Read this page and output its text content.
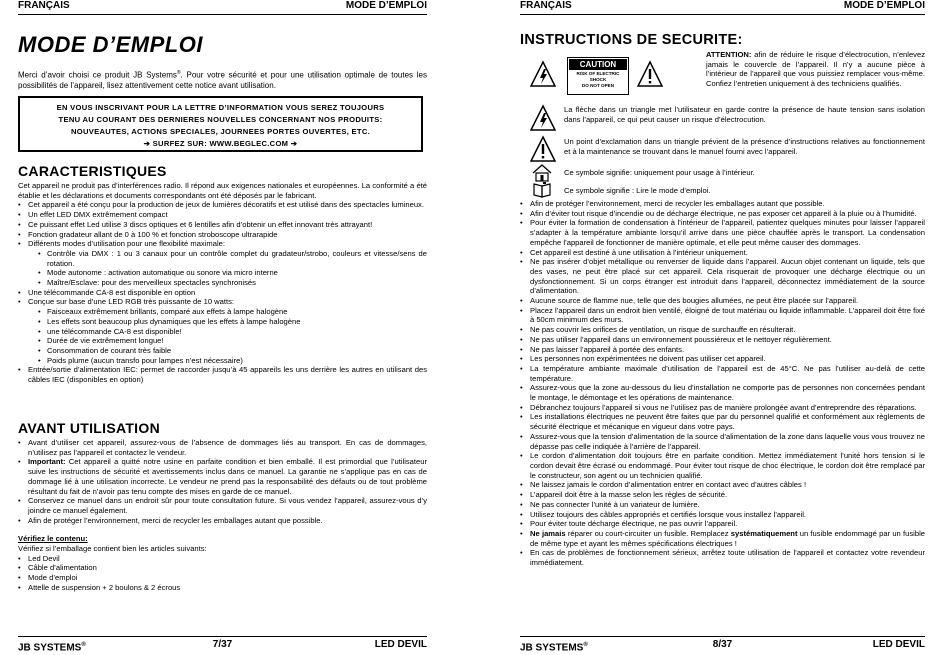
FRANÇAIS	MODE D’EMPLOI
MODE D’EMPLOI
Merci d’avoir choisi ce produit JB Systems®. Pour votre sécurité et pour une utilisation optimale de toutes les possibilités de l’appareil, lisez attentivement cette notice avant utilisation.
EN VOUS INSCRIVANT POUR LA LETTRE D’INFORMATION VOUS SEREZ TOUJOURS
TENU AU COURANT DES DERNIERES NOUVELLES CONCERNANT NOS PRODUITS:
NOUVEAUTES, ACTIONS SPECIALES, JOURNEES PORTES OUVERTES, ETC.
➔ SURFEZ SUR: WWW.BEGLEC.COM ➔
CARACTERISTIQUES
Cet appareil ne produit pas d’interférences radio. Il répond aux exigences nationales et européennes. La conformité a été établie et les déclarations et documents correspondants ont été déposés par le fabricant.
• Cet appareil a été conçu pour la production de jeux de lumières décoratifs et est utilisé dans des spectacles lumineux.
• Un effet LED DMX extrêmement compact
• Ce puissant effet Led utilise 3 discs optiques et 6 lentilles afin d’obtenir un effet innovant très attrayant!
• Fonction gradateur allant de 0 à 100 % et fonction stroboscope ultrarapide
• Différents modes d’utilisation pour une flexibilité maximale:
• Contrôle via DMX : 1 ou 3 canaux pour un contrôle complet du gradateur/strobo, couleurs et vitesse/sens de rotation.
• Mode autonome : activation automatique ou sonore via micro interne
• Maître/Esclave: pour des merveilleux spectacles synchronisés
• Une télécommande CA-8 est disponible en option
• Conçue sur base d’une LED RGB très puissante de 10 watts:
• Faisceaux extrêmement brillants, comparé aux effets à lampe halogène
• Les effets sont beaucoup plus dynamiques que les effets à lampe halogène
• une télécommande CA-8 est disponible!
• Durée de vie extrêmement longue!
• Consommation de courant très faible
• Poids plume (aucun transfo pour lampes n’est nécessaire)
• Entrée/sortie d’alimentation IEC: permet de raccorder jusqu’à 45 appareils les uns derrière les autres en utilisant des câbles IEC (disponibles en option)
AVANT UTILISATION
• Avant d’utiliser cet appareil, assurez-vous de l’absence de dommages liés au transport. En cas de dommages, n’utilisez pas l’appareil et contactez le vendeur.
• Important: Cet appareil a quitté notre usine en parfaite condition et bien emballé. Il est primordial que l’utilisateur suive les instructions de sécurité et avertissements inclus dans ce manuel. La garantie ne s’applique pas en cas de dommage lié à une utilisation incorrecte. Le vendeur ne prend pas la responsabilité des défauts ou de tout problème résultant du fait de n’avoir pas tenu compte des mises en garde de ce manuel.
• Conservez ce manuel dans un endroit sûr pour toute consultation future. Si vous vendez l’appareil, assurez-vous d’y joindre ce manuel également.
• Afin de protéger l’environnement, merci de recycler les emballages autant que possible.
Vérifiez le contenu:
Vérifiez si l’emballage contient bien les articles suivants:
• Led Devil
• Câble d’alimentation
• Mode d’emploi
• Attelle de suspension + 2 boulons & 2 écrous
JB SYSTEMS®	7/37	LED DEVIL
FRANÇAIS	MODE D’EMPLOI
INSTRUCTIONS DE SECURITE:
CAUTION
RISK OF ELECTRIC SHOCK
DO NOT OPEN
ATTENTION: afin de réduire le risque d’électrocution, n’enlevez jamais le couvercle de l’appareil. Il n’y a aucune pièce à l’intérieur de l’appareil que vous puissiez remplacer vous-même. Confiez l’entretien uniquement à des techniciens qualifiés.
La flèche dans un triangle met l’utilisateur en garde contre la présence de haute tension sans isolation dans l’appareil, ce qui peut causer un risque d’électrocution.
Un point d’exclamation dans un triangle prévient de la présence d’instructions relatives au fonctionnement et à la maintenance se trouvant dans le manuel fourni avec l’appareil.
Ce symbole signifie: uniquement pour usage à l’intérieur.
Ce symbole signifie : Lire le mode d’emploi.
• Afin de protéger l’environnement, merci de recycler les emballages autant que possible.
• Afin d’éviter tout risque d’incendie ou de décharge électrique, ne pas exposer cet appareil à la pluie ou à l’humidité.
• Pour éviter la formation de condensation à l’intérieur de l’appareil, patientez quelques minutes pour laisser l’appareil s’adapter à la température ambiante lorsqu’il arrive dans une pièce chauffée après le transport. La condensation empêche l’appareil de fonctionner de manière optimale, et elle peut même causer des dommages.
• Cet appareil est destiné à une utilisation à l’intérieur uniquement.
• Ne pas insérer d’objet métallique ou renverser de liquide dans l’appareil. Aucun objet contenant un liquide, tels que des vases, ne peut être placé sur cet appareil. Cela risquerait de provoquer une décharge électrique ou un dysfonctionnement. Si un corps étranger est introduit dans l’appareil, déconnectez immédiatement de la source d’alimentation.
• Aucune source de flamme nue, telle que des bougies allumées, ne peut être placée sur l’appareil.
• Placez l’appareil dans un endroit bien ventilé, éloigné de tout matériau ou liquide inflammable. L’appareil doit être fixé à 50cm minimum des murs.
• Ne pas couvrir les orifices de ventilation, un risque de surchauffe en résulterait.
• Ne pas utiliser l’appareil dans un environnement poussiéreux et le nettoyer régulièrement.
• Ne pas laisser l’appareil à portée des enfants.
• Les personnes non expérimentées ne doivent pas utiliser cet appareil.
• La température ambiante maximale d’utilisation de l’appareil est de 45°C. Ne pas l’utiliser au-delà de cette température.
• Assurez-vous que la zone au-dessous du lieu d’installation ne comporte pas de personnes non concernées pendant le montage, le démontage et les opérations de maintenance.
• Débranchez toujours l’appareil si vous ne l’utilisez pas de manière prolongée avant d’entreprendre des réparations.
• Les installations électriques ne peuvent être faites que par du personnel qualifié et conformément aux règlements de sécurité électrique et mécanique en vigueur dans votre pays.
• Assurez-vous que la tension d’alimentation de la source d’alimentation de la zone dans laquelle vous vous trouvez ne dépasse pas celle indiquée à l’arrière de l’appareil.
• Le cordon d’alimentation doit toujours être en parfaite condition. Mettez immédiatement l’unité hors tension si le cordon devait être écrasé ou endommagé. Pour éviter tout risque de choc électrique, le cordon doit être remplacé par le constructeur, son agent ou un technicien qualifié.
• Ne laissez jamais le cordon d’alimentation entrer en contact avec d’autres câbles !
• L’appareil doit être à la masse selon les règles de sécurité.
• Ne pas connecter l’unité à un variateur de lumière.
• Utilisez toujours des câbles appropriés et certifiés lorsque vous installez l’appareil.
• Pour éviter toute décharge électrique, ne pas ouvrir l’appareil.
• Ne jamais réparer ou court-circuiter un fusible. Remplacez systématiquement un fusible endommagé par un fusible de même type et ayant les mêmes spécifications électriques !
• En cas de problèmes de fonctionnement sérieux, arrêtez toute utilisation de l’appareil et contactez votre revendeur immédiatement.
JB SYSTEMS®	8/37	LED DEVIL
